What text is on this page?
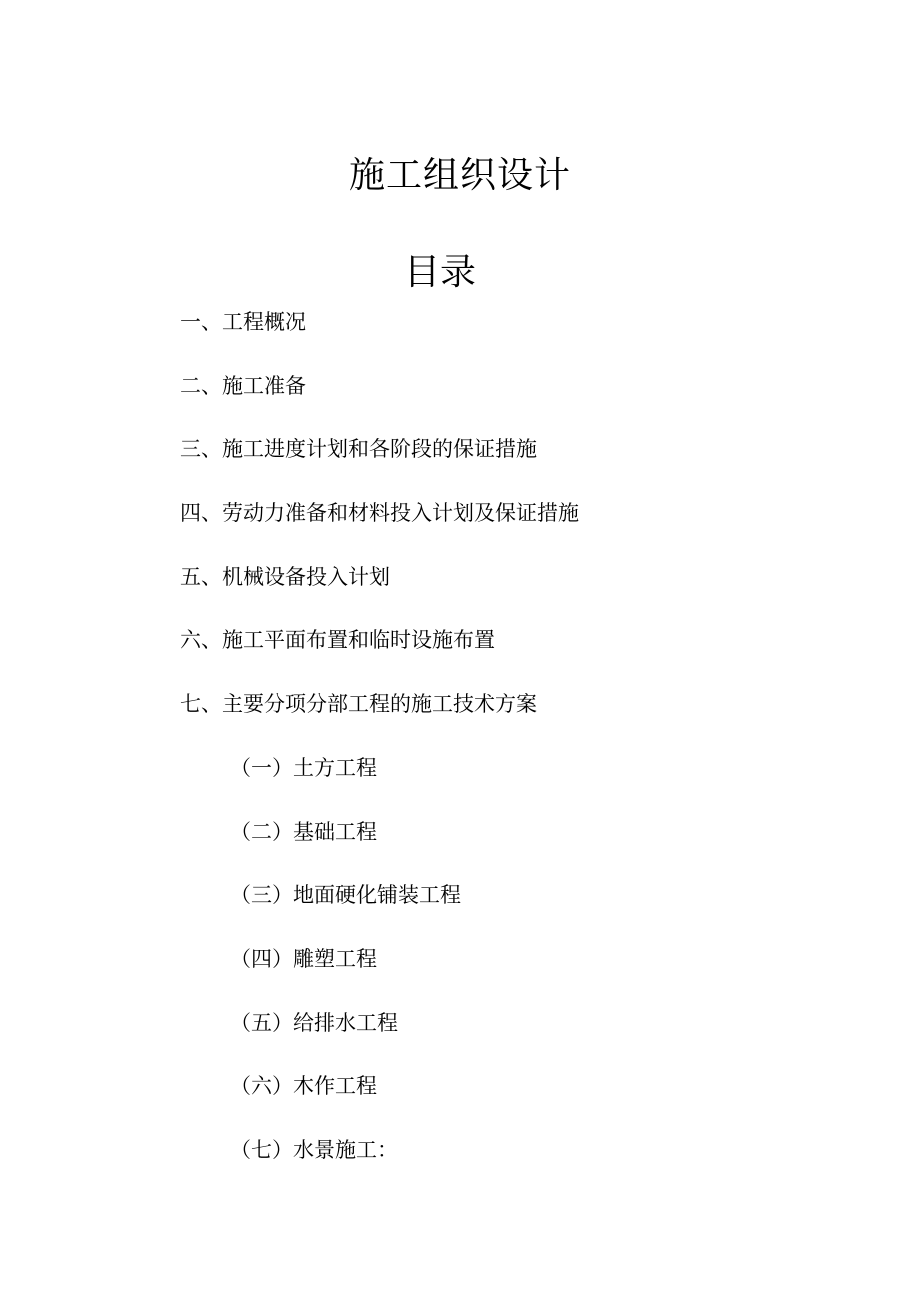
施工组织设计
目录
一、工程概况
二、施工准备
三、施工进度计划和各阶段的保证措施
四、劳动力准备和材料投入计划及保证措施
五、机械设备投入计划
六、施工平面布置和临时设施布置
七、主要分项分部工程的施工技术方案
（一）土方工程
（二）基础工程
（三）地面硬化铺装工程
（四）雕塑工程
（五）给排水工程
（六）木作工程
（七）水景施工：
